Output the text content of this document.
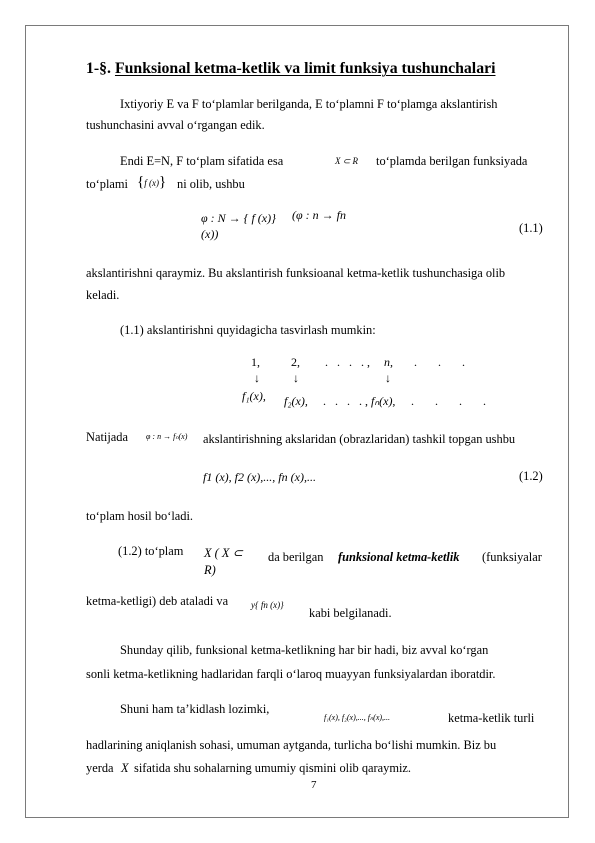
1-§. Funksional ketma-ketlik va limit funksiya tushunchalari
Ixtiyoriy E va F to‘plamlar berilganda, E to‘plamni F to‘plamga akslantirish
tushunchasini avval o‘rgangan edik.
Endi E=N, F to‘plam sifatida esa	X ⊂ R to‘plamda berilgan funksiyada
to‘plami {f (x)} ni olib, ushbu
φ : N → { f (x)} (φ : n → fn
(x))	(1.1)
akslantirishni qaraymiz. Bu akslantirish funksioanal ketma-ketlik tushunchasiga olib
keladi.
(1.1) akslantirishni quyidagicha tasvirlash mumkin:
1,	2, . . . ., n, . . .
↓	↓	↓
f₁(x), f₂(x), . . . ., fₙ(x), . . . .
Natijada φ : n → fₙ(x) akslantirishning akslaridan (obrazlaridan) tashkil topgan ushbu
f1 (x), f2 (x),..., fn (x),...	(1.2)
to‘plam hosil bo‘ladi.
(1.2) to‘plam X ( X ⊂
R)
da berilgan funksional ketma-ketlik (funksiyalar
ketma-ketligi) deb ataladi va	y{ fn (x)}
kabi belgilanadi.
Shunday qilib, funksional ketma-ketlikning har bir hadi, biz avval ko‘rgan
sonli ketma-ketlikning hadlaridan farqli o‘laroq muayyan funksiyalardan iboratdir.
Shuni ham ta’kidlash lozimki,
f₁(x), f₂(x),..., fₙ(x),...	ketma-ketlik turli
hadlarining aniqlanish sohasi, umuman aytganda, turlicha bo‘lishi mumkin. Biz bu
yerda X sifatida shu sohalarning umumiy qismini olib qaraymiz.
7
